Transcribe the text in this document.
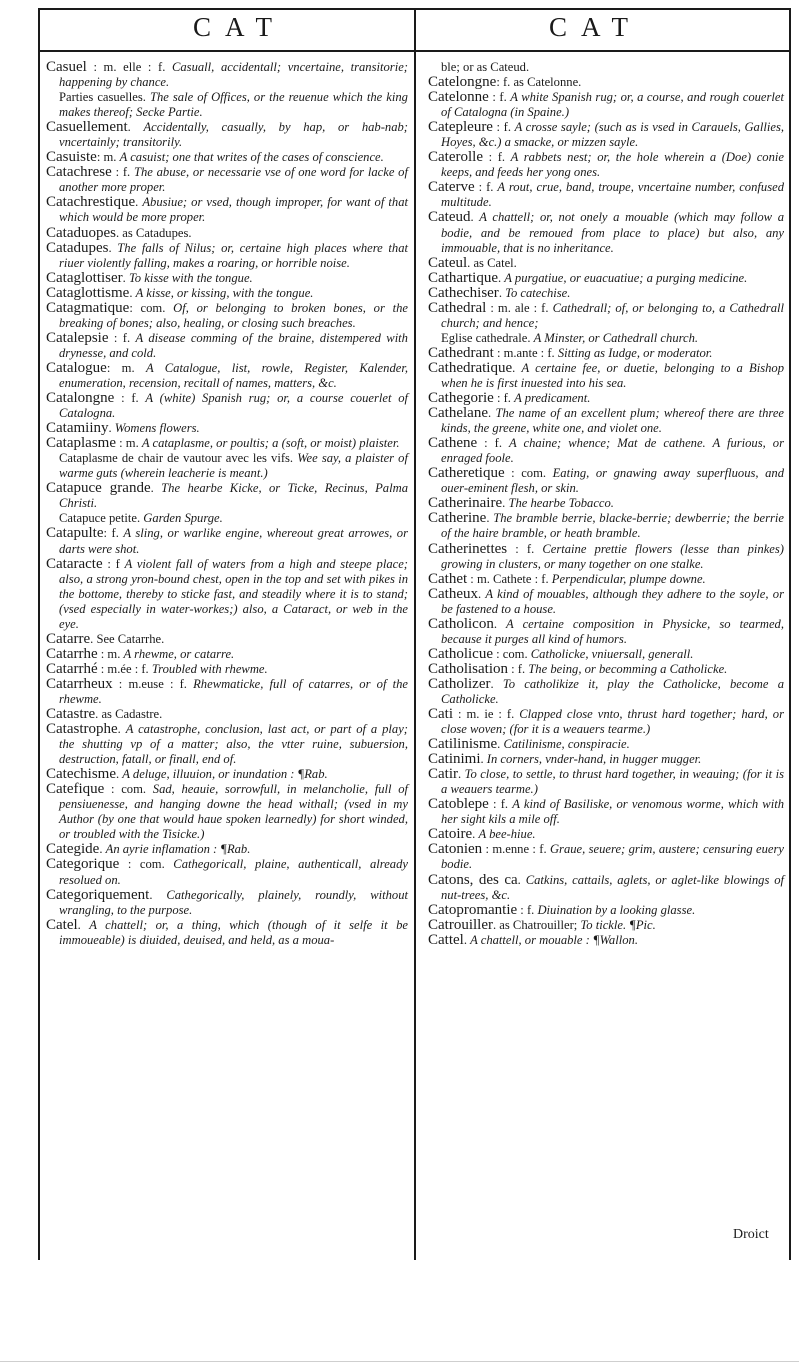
CAT	CAT

Casuel : m. elle : f. Casuall, accidentall; vncertaine, transitorie; happening by chance.

Parties casuelles. The sale of Offices, or the reuenue which the king makes thereof; Secke Partie.

Casuellement. Accidentally, casually, by hap, or hab-nab; vncertainly; transitorily.

Casuiste: m. A casuist; one that writes of the cases of conscience.

Catachrese : f. The abuse, or necessarie vse of one word for lacke of another more proper.

Catachrestique. Abusiue; or vsed, though improper, for want of that which would be more proper.

Cataduopes. as Catadupes.

Catadupes. The falls of Nilus; or, certaine high places where that riuer violently falling, makes a roaring, or horrible noise.

Cataglottiser. To kisse with the tongue.

Cataglottisme. A kisse, or kissing, with the tongue.

Catagmatique: com. Of, or belonging to broken bones, or the breaking of bones; also, healing, or closing such breaches.

Catalepsie : f. A disease comming of the braine, distempered with drynesse, and cold.

Catalogue: m. A Catalogue, list, rowle, Register, Kalender, enumeration, recension, recitall of names, matters, &c.

Catalongne : f. A (white) Spanish rug; or, a course couerlet of Catalogna.

Catamiiny. Womens flowers.

Cataplasme : m. A cataplasme, or poultis; a (soft, or moist) plaister.

Cataplasme de chair de vautour avec les vifs. Wee say, a plaister of warme guts (wherein leacherie is meant.)

Catapuce grande. The hearbe Kicke, or Ticke, Recinus, Palma Christi.

Catapuce petite. Garden Spurge.

Catapulte: f. A sling, or warlike engine, whereout great arrowes, or darts were shot.

Cataracte : f A violent fall of waters from a high and steepe place; also, a strong yron-bound chest, open in the top and set with pikes in the bottome, thereby to sticke fast, and steadily where it is to stand; (vsed especially in water-workes;) also, a Cataract, or web in the eye.

Catarre. See Catarrhe.

Catarrhe : m. A rhewme, or catarre.

Catarrhé : m.ée : f. Troubled with rhewme.

Catarrheux : m.euse : f. Rhewmaticke, full of catarres, or of the rhewme.

Catastre. as Cadastre.

Catastrophe. A catastrophe, conclusion, last act, or part of a play; the shutting vp of a matter; also, the vtter ruine, subuersion, destruction, fatall, or finall, end of.

Catechisme. A deluge, illuuion, or inundation : ¶Rab.

Catefique : com. Sad, heauie, sorrowfull, in melancholie, full of pensiuenesse, and hanging downe the head withall; (vsed in my Author (by one that would haue spoken learnedly) for short winded, or troubled with the Tisicke.)

Categide. An ayrie inflamation : ¶Rab.

Categorique : com. Cathegoricall, plaine, authenticall, already resolued on.

Categoriquement. Cathegorically, plainely, roundly, without wrangling, to the purpose.

Catel. A chattell; or, a thing, which (though of it selfe it be immoueable) is diuided, deuised, and held, as a moua-

ble; or as Cateud.

Catelongne: f. as Catelonne.

Catelonne : f. A white Spanish rug; or, a course, and rough couerlet of Catalogna (in Spaine.)

Catepleure : f. A crosse sayle; (such as is vsed in Carauels, Gallies, Hoyes, &c.) a smacke, or mizzen sayle.

Caterolle : f. A rabbets nest; or, the hole wherein a (Doe) conie keeps, and feeds her yong ones.

Caterve : f. A rout, crue, band, troupe, vncertaine number, confused multitude.

Cateud. A chattell; or, not onely a mouable (which may follow a bodie, and be remoued from place to place) but also, any immouable, that is no inheritance.

Cateul. as Catel.

Cathartique. A purgatiue, or euacuatiue; a purging medicine.

Cathechiser. To catechise.

Cathedral : m. ale : f. Cathedrall; of, or belonging to, a Cathedrall church; and hence;

Eglise cathedrale. A Minster, or Cathedrall church.

Cathedrant : m.ante : f. Sitting as Iudge, or moderator.

Cathedratique. A certaine fee, or duetie, belonging to a Bishop when he is first inuested into his sea.

Cathegorie : f. A predicament.

Cathelane. The name of an excellent plum; whereof there are three kinds, the greene, white one, and violet one.

Cathene : f. A chaine; whence; Mat de cathene. A furious, or enraged foole.

Catheretique : com. Eating, or gnawing away superfluous, and ouer-eminent flesh, or skin.

Catherinaire. The hearbe Tobacco.

Catherine. The bramble berrie, blacke-berrie; dewberrie; the berrie of the haire bramble, or heath bramble.

Catherinettes : f. Certaine prettie flowers (lesse than pinkes) growing in clusters, or many together on one stalke.

Cathet : m. Cathete : f. Perpendicular, plumpe downe.

Catheux. A kind of mouables, although they adhere to the soyle, or be fastened to a house.

Catholicon. A certaine composition in Physicke, so tearmed, because it purges all kind of humors.

Catholicue : com. Catholicke, vniuersall, generall.

Catholisation : f. The being, or becomming a Catholicke.

Catholizer. To catholikize it, play the Catholicke, become a Catholicke.

Cati : m. ie : f. Clapped close vnto, thrust hard together; hard, or close woven; (for it is a weauers tearme.)

Catilinisme. Catilinisme, conspiracie.

Catinimi. In corners, vnder-hand, in hugger mugger.

Catir. To close, to settle, to thrust hard together, in weauing; (for it is a weauers tearme.)

Catoblepe : f. A kind of Basiliske, or venomous worme, which with her sight kils a mile off.

Catoire. A bee-hiue.

Catonien : m.enne : f. Graue, seuere; grim, austere; censuring euery bodie.

Catons, des ca. Catkins, cattails, aglets, or aglet-like blowings of nut-trees, &c.

Catopromantie : f. Diuination by a looking glasse.

Catrouiller. as Chatrouiller; To tickle. ¶Pic.

Cattel. A chattell, or mouable : ¶Wallon.

Droict
